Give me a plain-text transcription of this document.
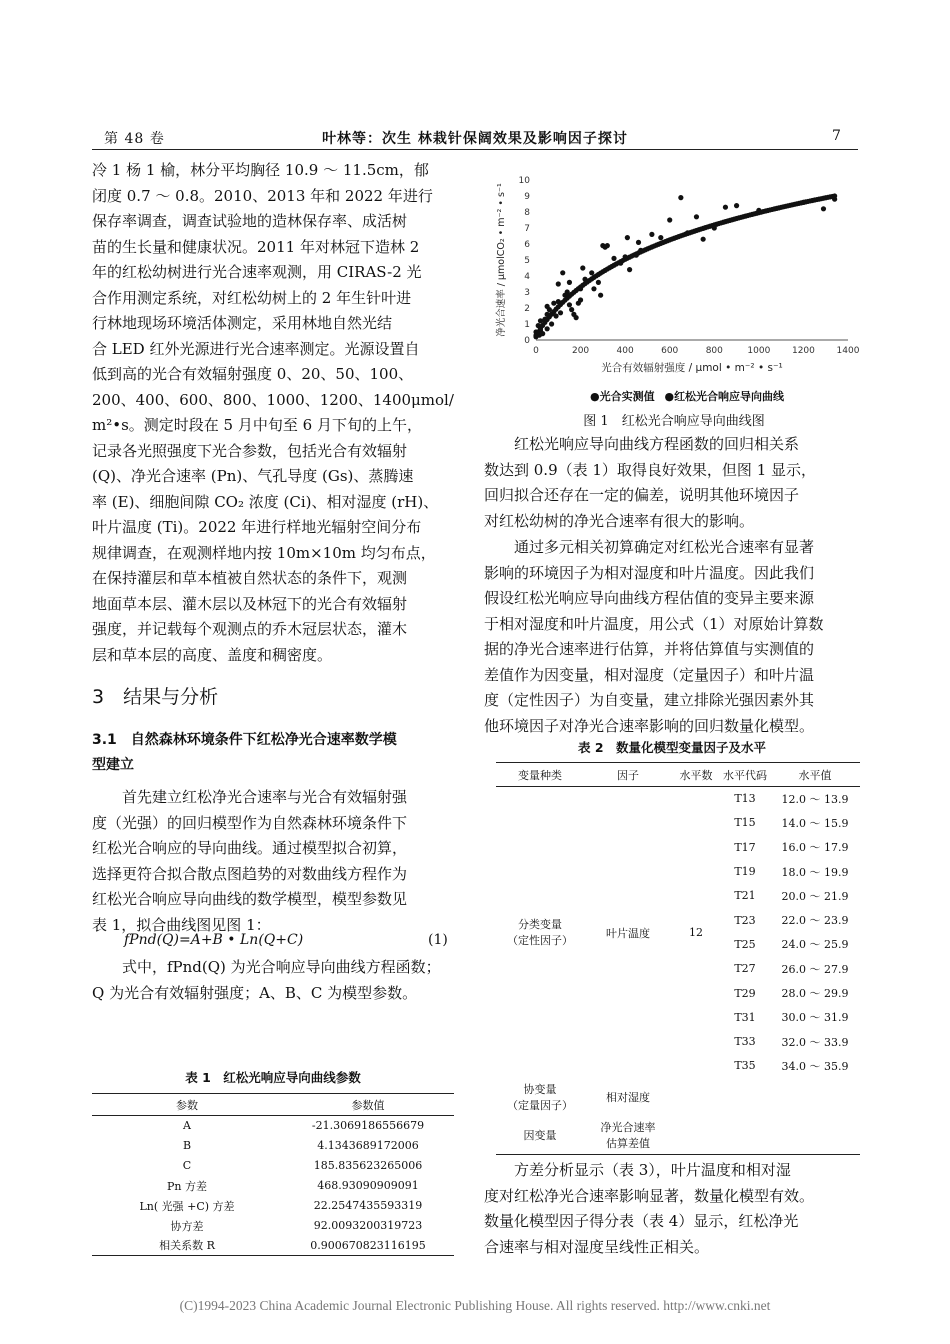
第 48 卷	叶林等：次生 林栽针保阔效果及影响因子探讨	7
冷 1 杨 1 榆，林分平均胸径 10.9 ～ 11.5cm，郁
闭度 0.7 ～ 0.8。2010、2013 年和 2022 年进行
保存率调查，调查试验地的造林保存率、成活树
苗的生长量和健康状况。2011 年对林冠下造林 2
年的红松幼树进行光合速率观测，用 CIRAS-2 光
合作用测定系统，对红松幼树上的 2 年生针叶进
行林地现场环境活体测定，采用林地自然光结
合 LED 红外光源进行光合速率测定。光源设置自
低到高的光合有效辐射强度 0、20、50、100、
200、400、600、800、1000、1200、1400μmol/
m²•s。测定时段在 5 月中旬至 6 月下旬的上午，
记录各光照强度下光合参数，包括光合有效辐射
(Q)、净光合速率 (Pn)、气孔导度 (Gs)、蒸腾速
率 (E)、细胞间隙 CO₂ 浓度 (Ci)、相对湿度 (rH)、
叶片温度 (Ti)。2022 年进行样地光辐射空间分布
规律调查，在观测样地内按 10m×10m 均匀布点，
在保持灌层和草本植被自然状态的条件下，观测
地面草本层、灌木层以及林冠下的光合有效辐射
强度，并记载每个观测点的乔木冠层状态，灌木
层和草本层的高度、盖度和稠密度。
3　结果与分析
3.1　自然森林环境条件下红松净光合速率数学模
型建立
首先建立红松净光合速率与光合有效辐射强
度（光强）的回归模型作为自然森林环境条件下
红松光合响应的导向曲线。通过模型拟合初算，
选择更符合拟合散点图趋势的对数曲线方程作为
红松光合响应导向曲线的数学模型，模型参数见
表 1，拟合曲线图见图 1：
fPnd(Q)=A+B • Ln(Q+C)	(1)
式中，fPnd(Q) 为光合响应导向曲线方程函数；
Q 为光合有效辐射强度；A、B、C 为模型参数。
表 1　红松光响应导向曲线参数
参数	参数值
A	-21.3069186556679
B	4.1343689172006
C	185.835623265006
Pn 方差	468.93090909091
Ln( 光强 +C) 方差	22.2547435593319
协方差	92.0093200319723
相关系数 R	0.900670823116195
0
1
2
3
4
5
6
7
8
9
10
0	200	400	600	800	1000 1200 1400
光合有效辐射强度 / μmol • m⁻² • s⁻¹
净光合速率 / μmolCO₂ • m⁻² • s⁻¹
●光合实测值 ●红松光合响应导向曲线
图 1　红松光合响应导向曲线图
红松光响应导向曲线方程函数的回归相关系
数达到 0.9（表 1）取得良好效果，但图 1 显示，
回归拟合还存在一定的偏差，说明其他环境因子
对红松幼树的净光合速率有很大的影响。
通过多元相关初算确定对红松光合速率有显著
影响的环境因子为相对湿度和叶片温度。因此我们
假设红松光响应导向曲线方程估值的变异主要来源
于相对湿度和叶片温度，用公式（1）对原始计算数
据的净光合速率进行估算，并将估算值与实测值的
差值作为因变量，相对湿度（定量因子）和叶片温
度（定性因子）为自变量，建立排除光强因素外其
他环境因子对净光合速率影响的回归数量化模型。
表 2　数量化模型变量因子及水平
变量种类	因子	水平数	水平代码	水平值

分类变量
（定性因子）	叶片温度	12	T13	12.0 ～ 13.9
			T15	14.0 ～ 15.9
			T17	16.0 ～ 17.9
			T19	18.0 ～ 19.9
			T21	20.0 ～ 21.9
			T23	22.0 ～ 23.9
			T25	24.0 ～ 25.9
			T27	26.0 ～ 27.9
			T29	28.0 ～ 29.9
			T31	30.0 ～ 31.9
			T33	32.0 ～ 33.9
			T35	34.0 ～ 35.9

协变量
（定量因子）	相对湿度			
因变量	净光合速率
估算差值			

方差分析显示（表 3），叶片温度和相对湿
度对红松净光合速率影响显著，数量化模型有效。
数量化模型因子得分表（表 4）显示，红松净光
合速率与相对湿度呈线性正相关。
(C)1994-2023 China Academic Journal Electronic Publishing House. All rights reserved. http://www.cnki.net
